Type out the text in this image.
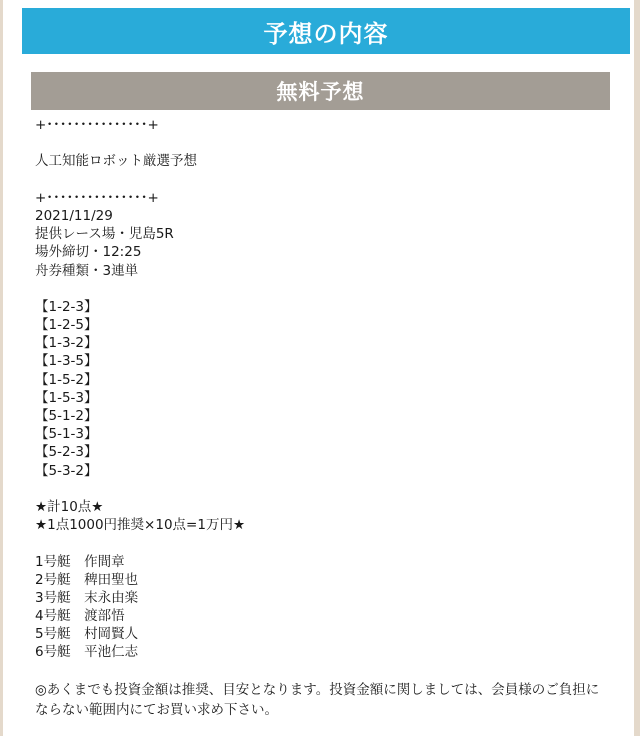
予想の内容
無料予想
+･･･････････････+
人工知能ロボット厳選予想
+･･･････････････+
2021/11/29
提供レース場・児島5R
場外締切・12:25
舟券種類・3連単
【1-2-3】
【1-2-5】
【1-3-2】
【1-3-5】
【1-5-2】
【1-5-3】
【5-1-2】
【5-1-3】
【5-2-3】
【5-3-2】
★計10点★
★1点1000円推奨×10点=1万円★
1号艇　作間章
2号艇　稗田聖也
3号艇　末永由楽
4号艇　渡部悟
5号艇　村岡賢人
6号艇　平池仁志
◎あくまでも投資金額は推奨、目安となります。投資金額に関しましては、会員様のご負担にならない範囲内にてお買い求め下さい。
